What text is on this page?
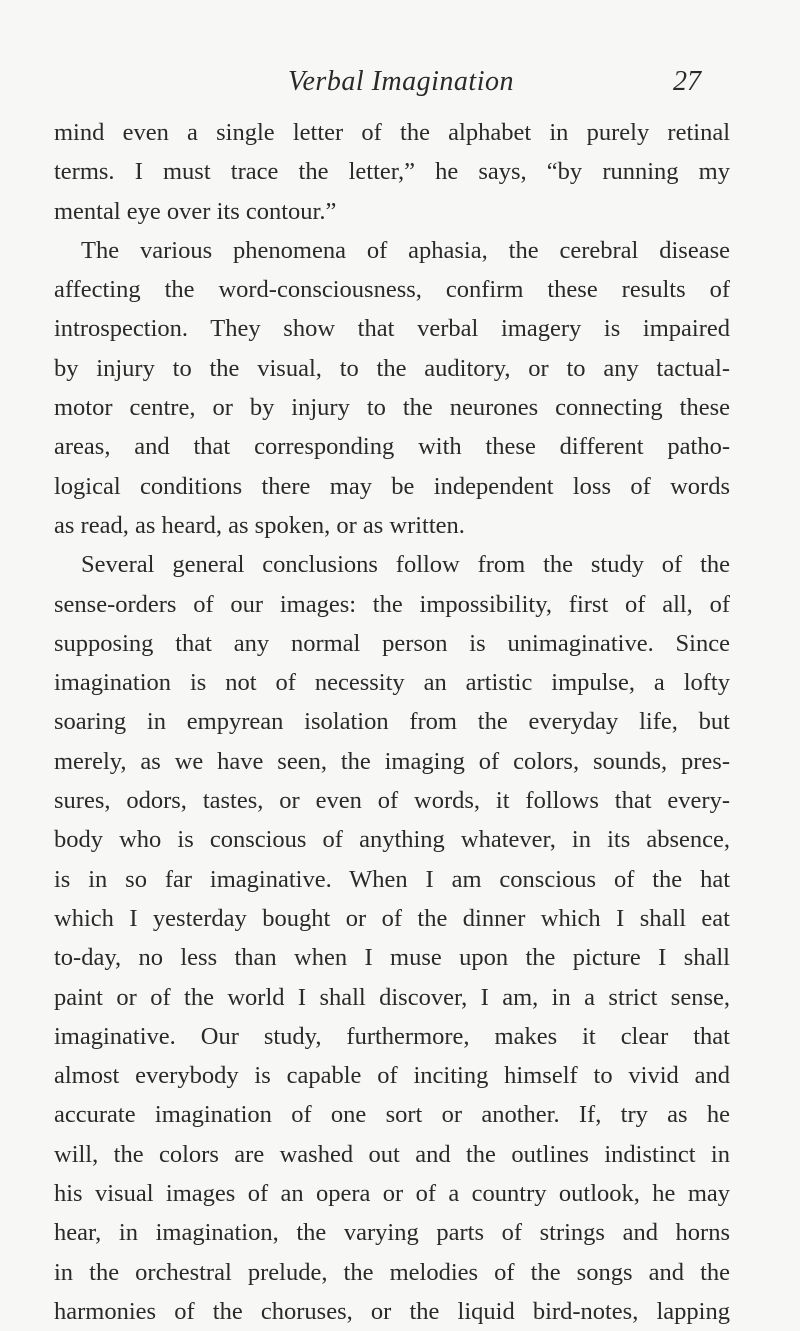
Verbal Imagination	27
mind even a single letter of the alphabet in purely retinal
terms. I must trace the letter,” he says, “by running my
mental eye over its contour.”
The various phenomena of aphasia, the cerebral disease
affecting the word-consciousness, confirm these results of
introspection. They show that verbal imagery is impaired
by injury to the visual, to the auditory, or to any tactual-
motor centre, or by injury to the neurones connecting these
areas, and that corresponding with these different patho-
logical conditions there may be independent loss of words
as read, as heard, as spoken, or as written.
Several general conclusions follow from the study of the
sense-orders of our images: the impossibility, first of all, of
supposing that any normal person is unimaginative. Since
imagination is not of necessity an artistic impulse, a lofty
soaring in empyrean isolation from the everyday life, but
merely, as we have seen, the imaging of colors, sounds, pres-
sures, odors, tastes, or even of words, it follows that every-
body who is conscious of anything whatever, in its absence,
is in so far imaginative. When I am conscious of the hat
which I yesterday bought or of the dinner which I shall eat
to-day, no less than when I muse upon the picture I shall
paint or of the world I shall discover, I am, in a strict sense,
imaginative. Our study, furthermore, makes it clear that
almost everybody is capable of inciting himself to vivid and
accurate imagination of one sort or another. If, try as he
will, the colors are washed out and the outlines indistinct in
his visual images of an opera or of a country outlook, he may
hear, in imagination, the varying parts of strings and horns
in the orchestral prelude, the melodies of the songs and the
harmonies of the choruses, or the liquid bird-notes, lapping
